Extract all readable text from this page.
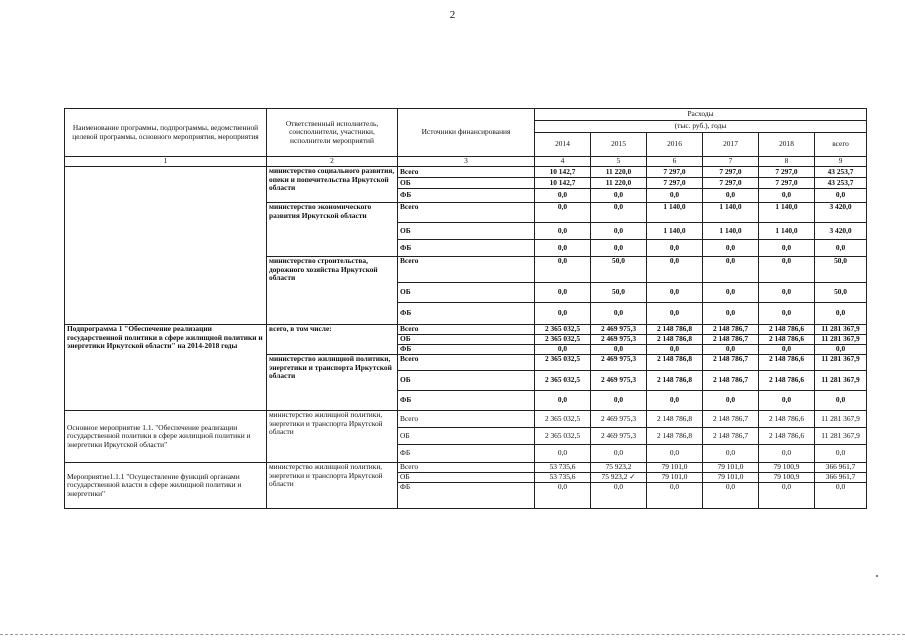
2
Наименование программы, подпрограммы, ведомственной целевой программы, основного мероприятия, мероприятия	Ответственный исполнитель, соисполнители, участники, исполнители мероприятий	Источники финансирования	Расходы					
			(тыс. руб.), годы					
			2014	2015	2016	2017	2018	всего
1	2	3	4	5	6	7	8	9
	министерство социального развития, опеки и попечительства Иркутской области	Всего	10 142,7	11 220,0	7 297,0	7 297,0	7 297,0	43 253,7
		ОБ	10 142,7	11 220,0	7 297,0	7 297,0	7 297,0	43 253,7
		ФБ	0,0	0,0	0,0	0,0	0,0	0,0
	министерство экономического развития Иркутской области	Всего	0,0	0,0	1 140,0	1 140,0	1 140,0	3 420,0
		ОБ	0,0	0,0	1 140,0	1 140,0	1 140,0	3 420,0
		ФБ	0,0	0,0	0,0	0,0	0,0	0,0
	министерство строительства, дорожного хозяйства Иркутской области	Всего	0,0	50,0	0,0	0,0	0,0	50,0
		ОБ	0,0	50,0	0,0	0,0	0,0	50,0
		ФБ	0,0	0,0	0,0	0,0	0,0	0,0
Подпрограмма 1 "Обеспечение реализации государственной политики в сфере жилищной политики и энергетики Иркутской области" на 2014-2018 годы	всего, в том числе:	Всего	2 365 032,5	2 469 975,3	2 148 786,8	2 148 786,7	2 148 786,6	11 281 367,9
		ОБ	2 365 032,5	2 469 975,3	2 148 786,8	2 148 786,7	2 148 786,6	11 281 367,9
		ФБ	0,0	0,0	0,0	0,0	0,0	0,0
	министерство жилищной политики, энергетики и транспорта Иркутской области	Всего	2 365 032,5	2 469 975,3	2 148 786,8	2 148 786,7	2 148 786,6	11 281 367,9
		ОБ	2 365 032,5	2 469 975,3	2 148 786,8	2 148 786,7	2 148 786,6	11 281 367,9
		ФБ	0,0	0,0	0,0	0,0	0,0	0,0
Основное мероприятие 1.1. "Обеспечение реализации государственной политики в сфере жилищной политики и энергетики Иркутской области"	министерство жилищной политики, энергетики и транспорта Иркутской области	Всего	2 365 032,5	2 469 975,3	2 148 786,8	2 148 786,7	2 148 786,6	11 281 367,9
		ОБ	2 365 032,5	2 469 975,3	2 148 786,8	2 148 786,7	2 148 786,6	11 281 367,9
		ФБ	0,0	0,0	0,0	0,0	0,0	0,0
Мероприятие1.1.1 "Осуществление функций органами государственной власти в сфере жилищной политики и энергетики"	министерство жилищной политики, энергетики и транспорта Иркутской области	Всего	53 735,6	75 923,2	79 101,0	79 101,0	79 100,9	366 961,7
		ОБ	53 735,6	75 923,2 ✓	79 101,0	79 101,0	79 100,9	366 961,7
		ФБ	0,0	0,0	0,0	0,0	0,0	0,0
